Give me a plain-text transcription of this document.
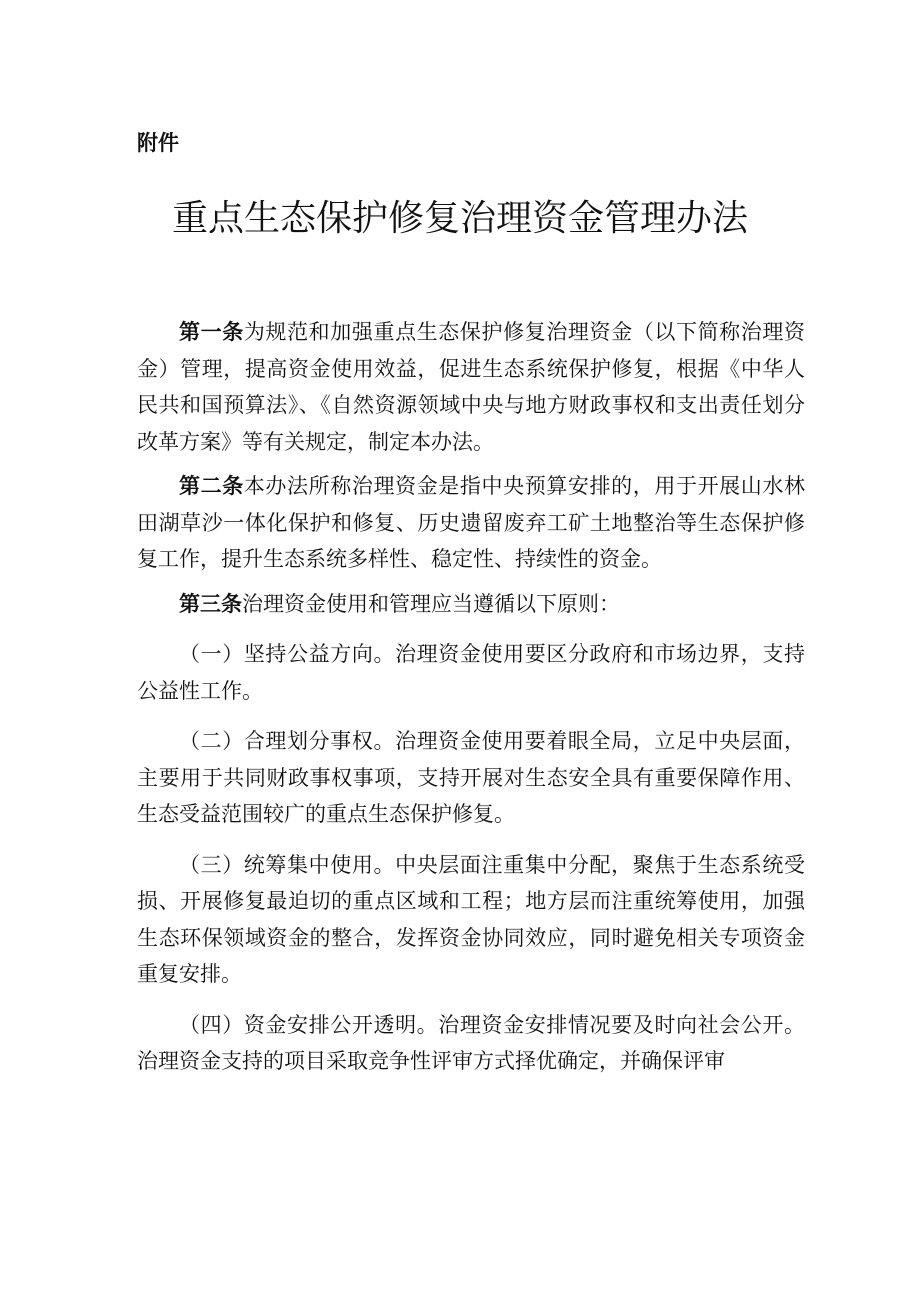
附件

重点生态保护修复治理资金管理办法

第一条为规范和加强重点生态保护修复治理资金（以下简称治理资金）管理，提高资金使用效益，促进生态系统保护修复，根据《中华人民共和国预算法》、《自然资源领域中央与地方财政事权和支出责任划分改革方案》等有关规定，制定本办法。

第二条本办法所称治理资金是指中央预算安排的，用于开展山水林田湖草沙一体化保护和修复、历史遗留废弃工矿土地整治等生态保护修复工作，提升生态系统多样性、稳定性、持续性的资金。

第三条治理资金使用和管理应当遵循以下原则：

（一）坚持公益方向。治理资金使用要区分政府和市场边界，支持公益性工作。

（二）合理划分事权。治理资金使用要着眼全局，立足中央层面，主要用于共同财政事权事项，支持开展对生态安全具有重要保障作用、生态受益范围较广的重点生态保护修复。

（三）统筹集中使用。中央层面注重集中分配，聚焦于生态系统受损、开展修复最迫切的重点区域和工程；地方层而注重统筹使用，加强生态环保领域资金的整合，发挥资金协同效应，同时避免相关专项资金重复安排。

（四）资金安排公开透明。治理资金安排情况要及时向社会公开。治理资金支持的项目采取竞争性评审方式择优确定，并确保评审
